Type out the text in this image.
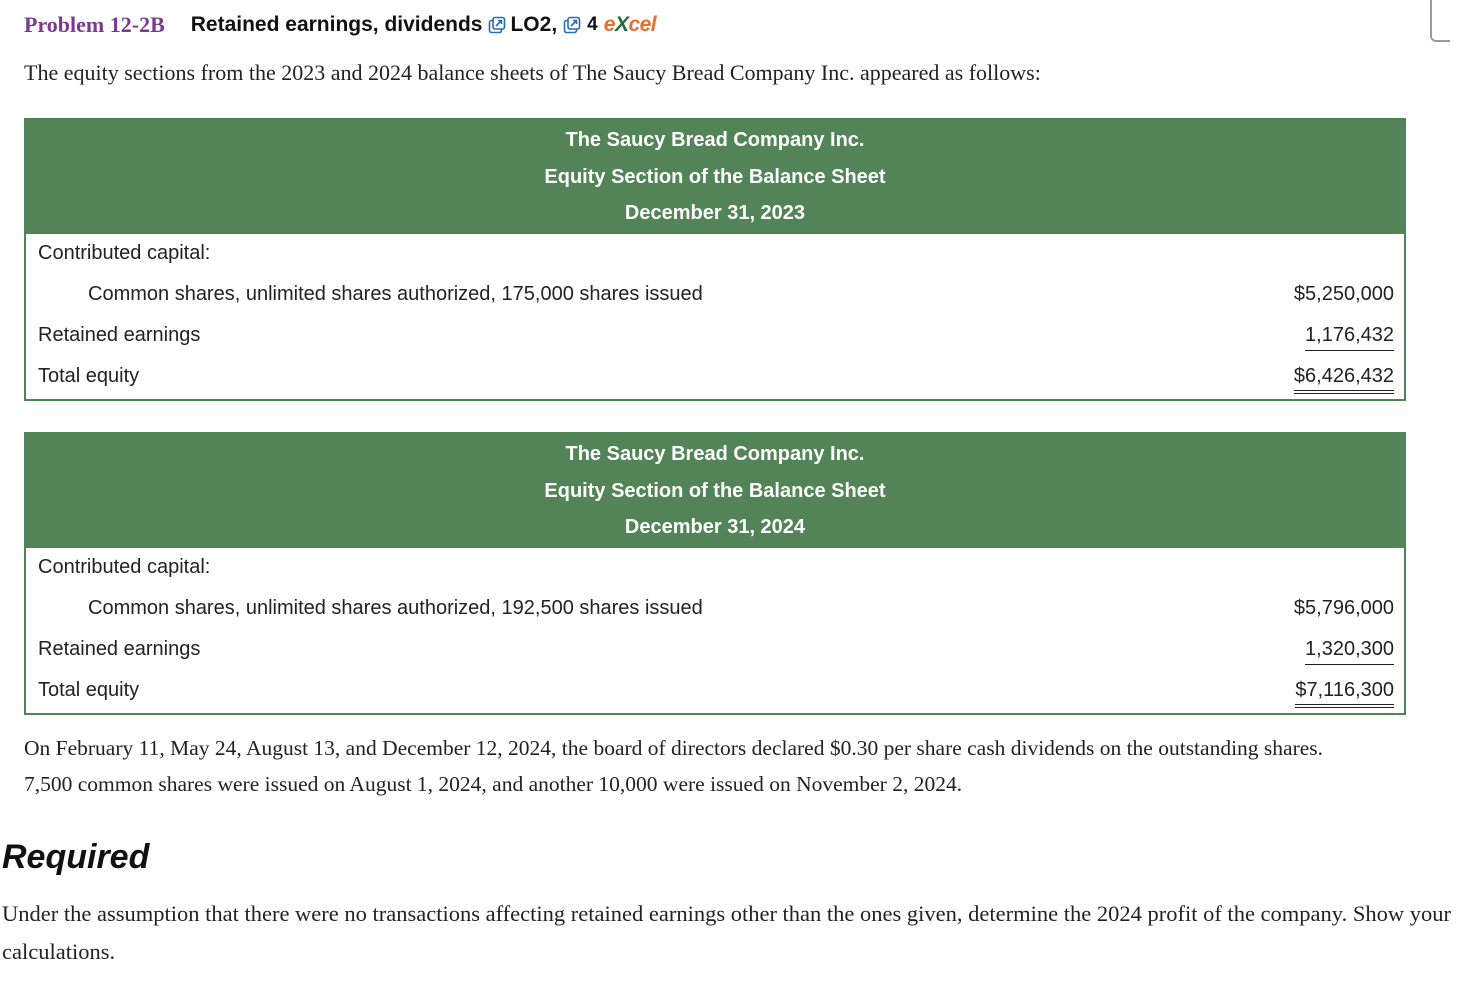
Problem 12-2B Retained earnings, dividends LO2, 4 eXcel
The equity sections from the 2023 and 2024 balance sheets of The Saucy Bread Company Inc. appeared as follows:
The Saucy Bread Company Inc.
Equity Section of the Balance Sheet
December 31, 2023
Contributed capital:
Common shares, unlimited shares authorized, 175,000 shares issued	$5,250,000
Retained earnings	1,176,432
Total equity	$6,426,432
The Saucy Bread Company Inc.
Equity Section of the Balance Sheet
December 31, 2024
Contributed capital:
Common shares, unlimited shares authorized, 192,500 shares issued	$5,796,000
Retained earnings	1,320,300
Total equity	$7,116,300
On February 11, May 24, August 13, and December 12, 2024, the board of directors declared $0.30 per share cash dividends on the outstanding shares. 7,500 common shares were issued on August 1, 2024, and another 10,000 were issued on November 2, 2024.
Required
Under the assumption that there were no transactions affecting retained earnings other than the ones given, determine the 2024 profit of the company. Show your calculations.
